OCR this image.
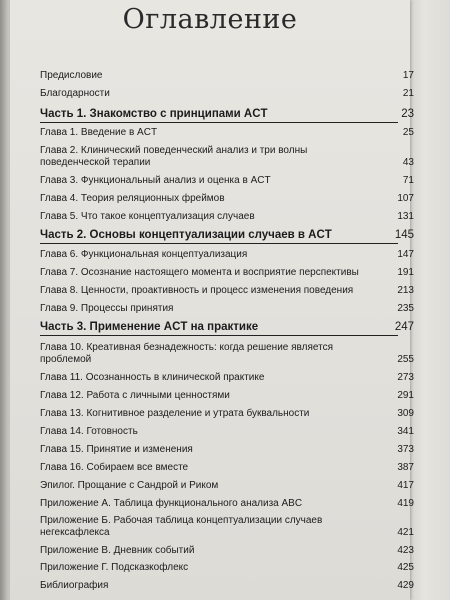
Оглавление
Предисловие	17
Благодарности	21
Часть 1. Знакомство с принципами ACT	23
Глава 1. Введение в ACT	25
Глава 2. Клинический поведенческий анализ и три волны поведенческой терапии	43
Глава 3. Функциональный анализ и оценка в ACT	71
Глава 4. Теория реляционных фреймов	107
Глава 5. Что такое концептуализация случаев	131
Часть 2. Основы концептуализации случаев в ACT	145
Глава 6. Функциональная концептуализация	147
Глава 7. Осознание настоящего момента и восприятие перспективы	191
Глава 8. Ценности, проактивность и процесс изменения поведения	213
Глава 9. Процессы принятия	235
Часть 3. Применение ACT на практике	247
Глава 10. Креативная безнадежность: когда решение является проблемой	255
Глава 11. Осознанность в клинической практике	273
Глава 12. Работа с личными ценностями	291
Глава 13. Когнитивное разделение и утрата буквальности	309
Глава 14. Готовность	341
Глава 15. Принятие и изменения	373
Глава 16. Собираем все вместе	387
Эпилог. Прощание с Сандрой и Риком	417
Приложение А. Таблица функционального анализа ABC	419
Приложение Б. Рабочая таблица концептуализации случаев негексафлекса	421
Приложение В. Дневник событий	423
Приложение Г. Подсказкофлекс	425
Библиография	429
